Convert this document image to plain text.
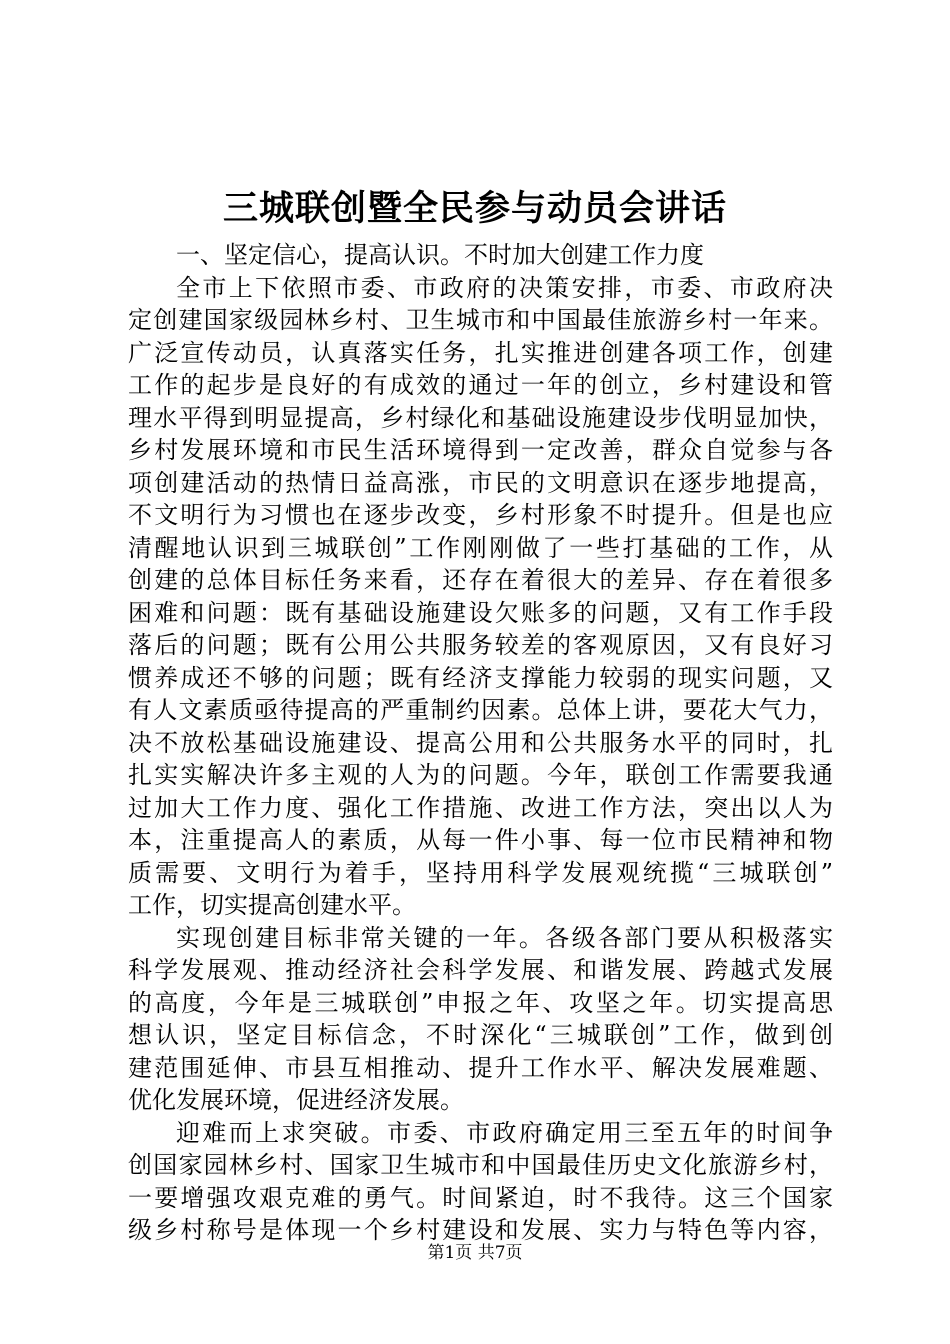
三城联创暨全民参与动员会讲话
一、坚定信心，提高认识。不时加大创建工作力度
全市上下依照市委、市政府的决策安排，市委、市政府决
定创建国家级园林乡村、卫生城市和中国最佳旅游乡村一年来。
广泛宣传动员，认真落实任务，扎实推进创建各项工作，创建
工作的起步是良好的有成效的通过一年的创立，乡村建设和管
理水平得到明显提高，乡村绿化和基础设施建设步伐明显加快，
乡村发展环境和市民生活环境得到一定改善，群众自觉参与各
项创建活动的热情日益高涨，市民的文明意识在逐步地提高，
不文明行为习惯也在逐步改变，乡村形象不时提升。但是也应
清醒地认识到三城联创”工作刚刚做了一些打基础的工作，从
创建的总体目标任务来看，还存在着很大的差异、存在着很多
困难和问题：既有基础设施建设欠账多的问题，又有工作手段
落后的问题；既有公用公共服务较差的客观原因，又有良好习
惯养成还不够的问题；既有经济支撑能力较弱的现实问题，又
有人文素质亟待提高的严重制约因素。总体上讲，要花大气力，
决不放松基础设施建设、提高公用和公共服务水平的同时，扎
扎实实解决许多主观的人为的问题。今年，联创工作需要我通
过加大工作力度、强化工作措施、改进工作方法，突出以人为
本，注重提高人的素质，从每一件小事、每一位市民精神和物
质需要、文明行为着手，坚持用科学发展观统揽“三城联创”
工作，切实提高创建水平。
实现创建目标非常关键的一年。各级各部门要从积极落实
科学发展观、推动经济社会科学发展、和谐发展、跨越式发展
的高度，今年是三城联创”申报之年、攻坚之年。切实提高思
想认识，坚定目标信念，不时深化“三城联创”工作，做到创
建范围延伸、市县互相推动、提升工作水平、解决发展难题、
优化发展环境，促进经济发展。
迎难而上求突破。市委、市政府确定用三至五年的时间争
创国家园林乡村、国家卫生城市和中国最佳历史文化旅游乡村，
一要增强攻艰克难的勇气。时间紧迫，时不我待。这三个国家
级乡村称号是体现一个乡村建设和发展、实力与特色等内容，
第1页 共7页
